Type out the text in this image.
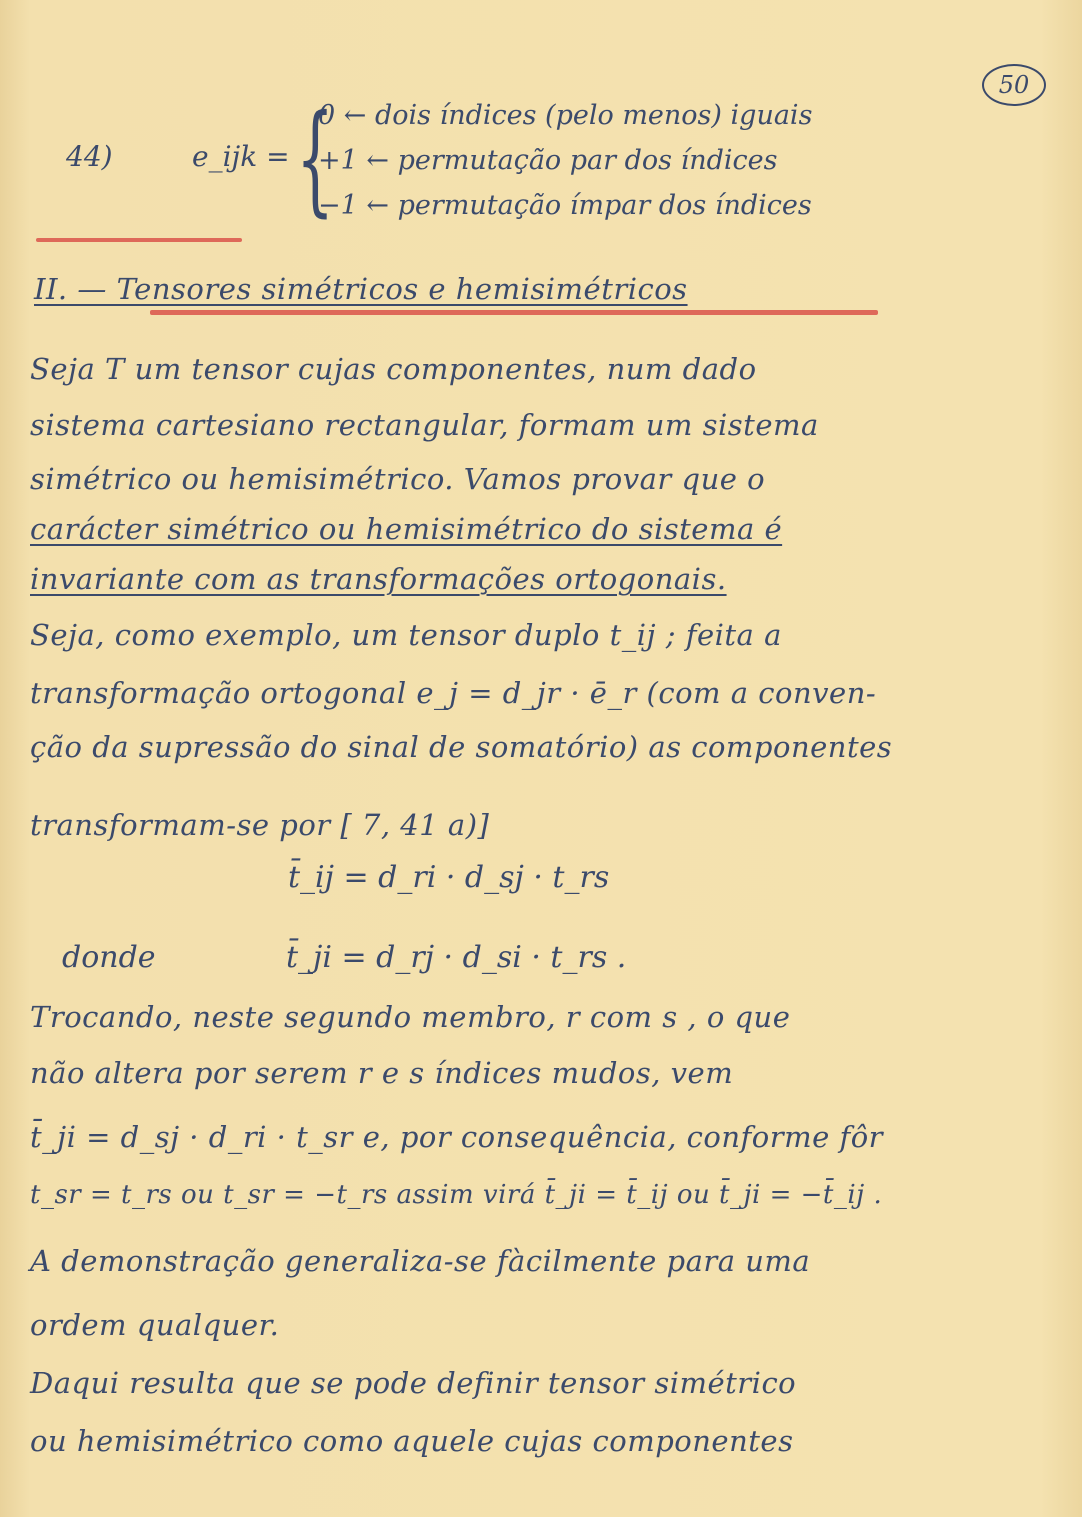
50
44)	e_ijk = {
0 ← dois índices (pelo menos) iguais
+1 ← permutação par dos índices
−1 ← permutação ímpar dos índices
II. — Tensores simétricos e hemisimétricos
Seja T um tensor cujas componentes, num dado
sistema cartesiano rectangular, formam um sistema
simétrico ou hemisimétrico. Vamos provar que o
carácter simétrico ou hemisimétrico do sistema é
invariante com as transformações ortogonais.
Seja, como exemplo, um tensor duplo t_ij ; feita a
transformação ortogonal e_j = d_jr · ē_r (com a conven-
ção da supressão do sinal de somatório) as componentes
transformam-se por [ 7, 41 a)]
t̄_ij = d_ri · d_sj · t_rs
donde	t̄_ji = d_rj · d_si · t_rs .
Trocando, neste segundo membro, r com s , o que
não altera por serem r e s índices mudos, vem
t̄_ji = d_sj · d_ri · t_sr e, por consequência, conforme fôr
t_sr = t_rs ou t_sr = −t_rs assim virá t̄_ji = t̄_ij ou t̄_ji = −t̄_ij .
A demonstração generaliza-se fàcilmente para uma
ordem qualquer.
Daqui resulta que se pode definir tensor simétrico
ou hemisimétrico como aquele cujas componentes
